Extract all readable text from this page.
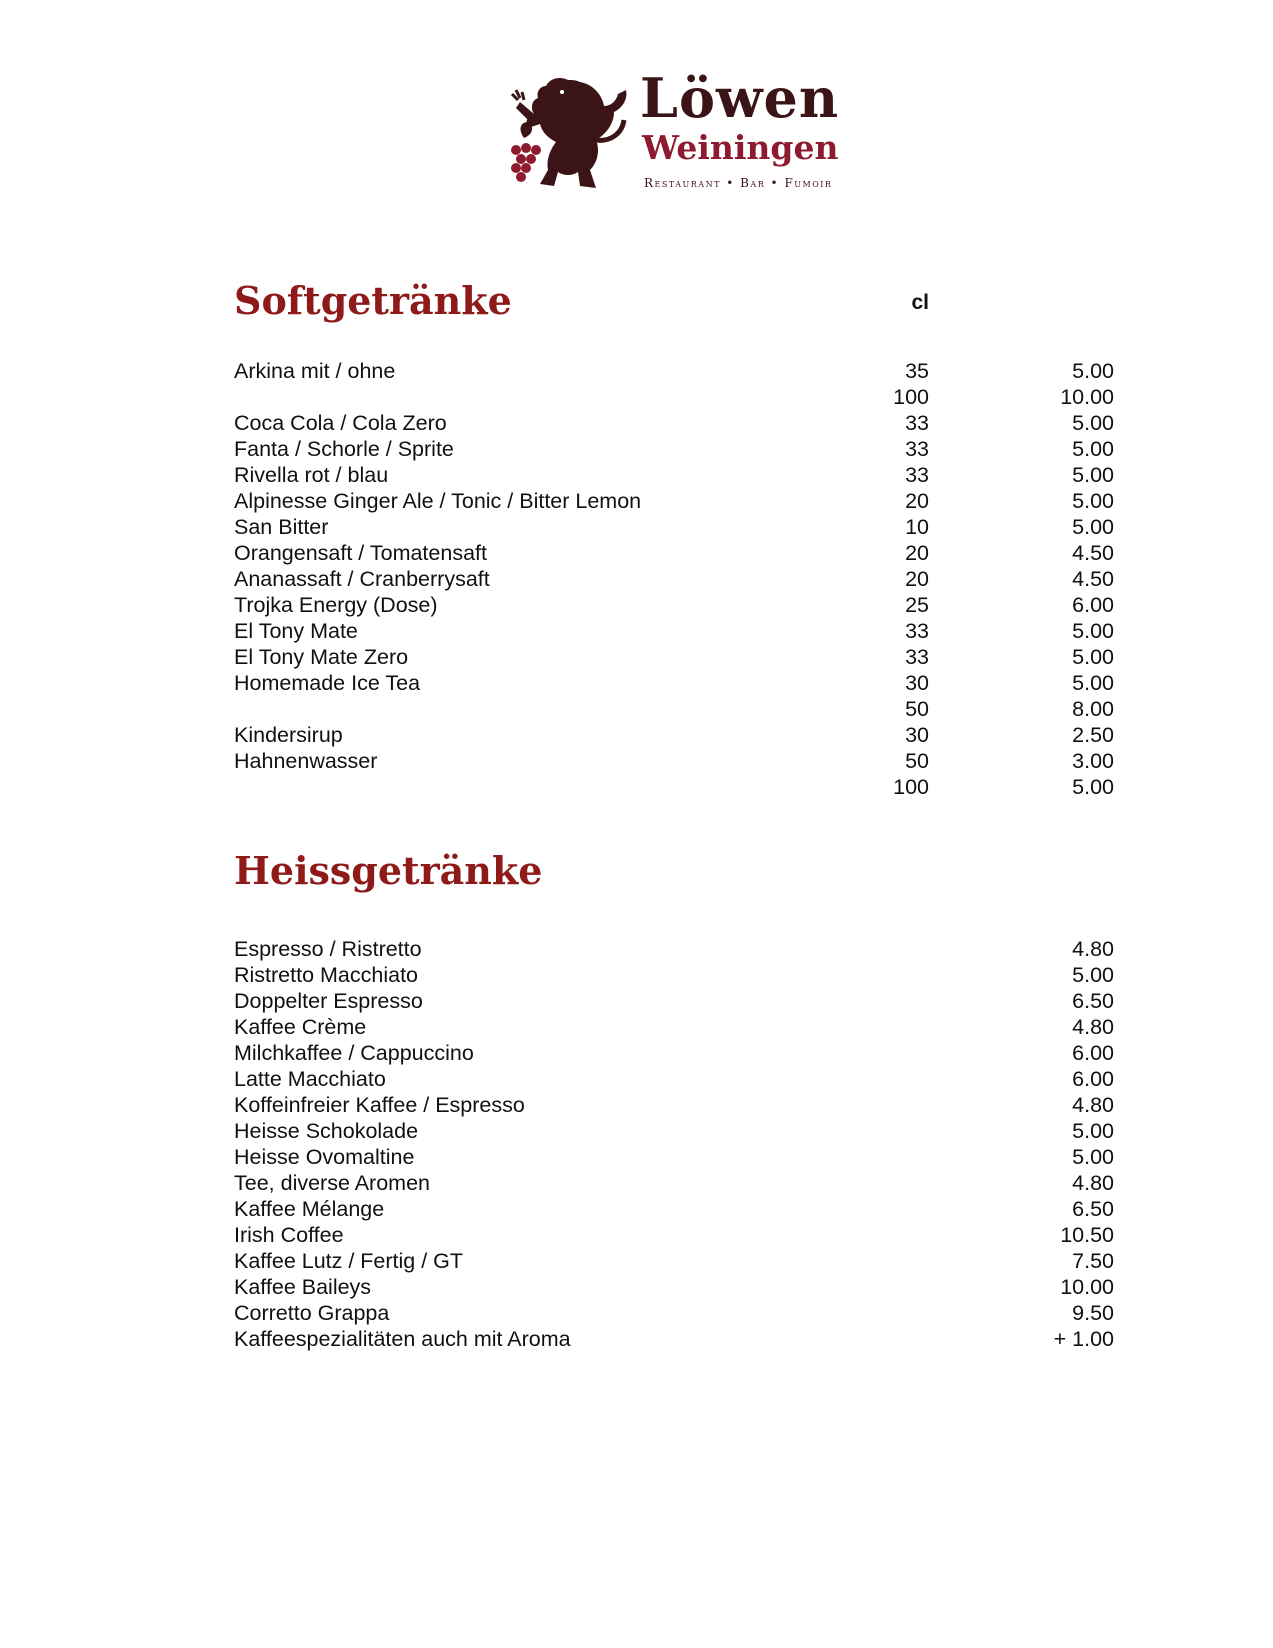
Löwen
Weiningen
Restaurant • Bar • Fumoir
Softgetränke	cl
Arkina mit / ohne	35	5.00
100	10.00
Coca Cola / Cola Zero	33	5.00
Fanta / Schorle / Sprite	33	5.00
Rivella rot / blau	33	5.00
Alpinesse Ginger Ale / Tonic / Bitter Lemon	20	5.00
San Bitter	10	5.00
Orangensaft / Tomatensaft	20	4.50
Ananassaft / Cranberrysaft	20	4.50
Trojka Energy (Dose)	25	6.00
El Tony Mate	33	5.00
El Tony Mate Zero	33	5.00
Homemade Ice Tea	30	5.00
50	8.00
Kindersirup	30	2.50
Hahnenwasser	50	3.00
100	5.00
Heissgetränke
Espresso / Ristretto	4.80
Ristretto Macchiato	5.00
Doppelter Espresso	6.50
Kaffee Crème	4.80
Milchkaffee / Cappuccino	6.00
Latte Macchiato	6.00
Koffeinfreier Kaffee / Espresso	4.80
Heisse Schokolade	5.00
Heisse Ovomaltine	5.00
Tee, diverse Aromen	4.80
Kaffee Mélange	6.50
Irish Coffee	10.50
Kaffee Lutz / Fertig / GT	7.50
Kaffee Baileys	10.00
Corretto Grappa	9.50
Kaffeespezialitäten auch mit Aroma	+ 1.00
